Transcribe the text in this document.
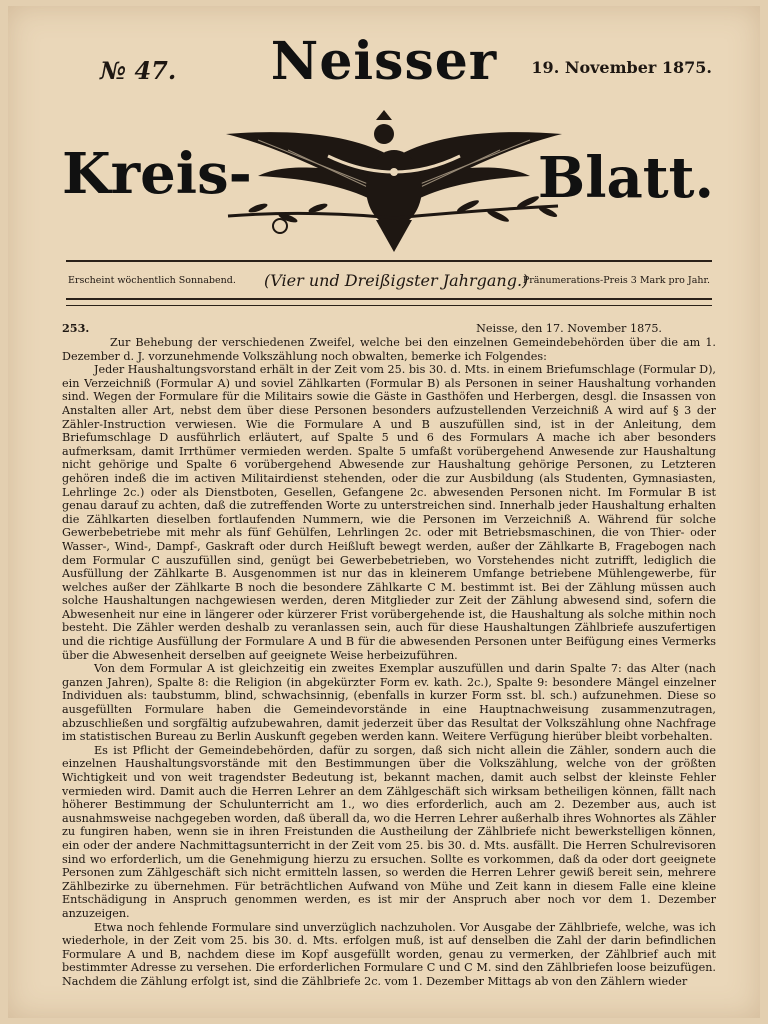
№ 47.	19. November 1875.
Neisser
Kreis-	Blatt.
Erscheint wöchentlich Sonnabend. (Vier und Dreißigster Jahrgang.)
Pränumerations-Preis 3 Mark pro Jahr.
253.	Neisse, den 17. November 1875.

Zur Behebung der verschiedenen Zweifel, welche bei den einzelnen Gemeindebehörden über die am 1. Dezember d. J. vorzunehmende Volkszählung noch obwalten, bemerke ich Folgendes:

Jeder Haushaltungsvorstand erhält in der Zeit vom 25. bis 30. d. Mts. in einem Briefumschlage (Formular D), ein Verzeichniß (Formular A) und soviel Zählkarten (Formular B) als Personen in seiner Haushaltung vorhanden sind. Wegen der Formulare für die Militairs sowie die Gäste in Gasthöfen und Herbergen, desgl. die Insassen von Anstalten aller Art, nebst dem über diese Personen besonders aufzustellenden Verzeichniß A wird auf § 3 der Zähler-Instruction verwiesen. Wie die Formulare A und B auszufüllen sind, ist in der Anleitung, dem Briefumschlage D ausführlich erläutert, auf Spalte 5 und 6 des Formulars A mache ich aber besonders aufmerksam, damit Irrthümer vermieden werden. Spalte 5 umfaßt vorübergehend Anwesende zur Haushaltung nicht gehörige und Spalte 6 vorübergehend Abwesende zur Haushaltung gehörige Personen, zu Letzteren gehören indeß die im activen Militairdienst stehenden, oder die zur Ausbildung (als Studenten, Gymnasiasten, Lehrlinge 2c.) oder als Dienstboten, Gesellen, Gefangene 2c. abwesenden Personen nicht. Im Formular B ist genau darauf zu achten, daß die zutreffenden Worte zu unterstreichen sind. Innerhalb jeder Haushaltung erhalten die Zählkarten dieselben fortlaufenden Nummern, wie die Personen im Verzeichniß A. Während für solche Gewerbebetriebe mit mehr als fünf Gehülfen, Lehrlingen 2c. oder mit Betriebsmaschinen, die von Thier- oder Wasser-, Wind-, Dampf-, Gaskraft oder durch Heißluft bewegt werden, außer der Zählkarte B, Fragebogen nach dem Formular C auszufüllen sind, genügt bei Gewerbebetrieben, wo Vorstehendes nicht zutrifft, lediglich die Ausfüllung der Zählkarte B. Ausgenommen ist nur das in kleinerem Umfange betriebene Mühlengewerbe, für welches außer der Zählkarte B noch die besondere Zählkarte C M. bestimmt ist. Bei der Zählung müssen auch solche Haushaltungen nachgewiesen werden, deren Mitglieder zur Zeit der Zählung abwesend sind, sofern die Abwesenheit nur eine in längerer oder kürzerer Frist vorübergehende ist, die Haushaltung als solche mithin noch besteht. Die Zähler werden deshalb zu veranlassen sein, auch für diese Haushaltungen Zählbriefe auszufertigen und die richtige Ausfüllung der Formulare A und B für die abwesenden Personen unter Beifügung eines Vermerks über die Abwesenheit derselben auf geeignete Weise herbeizuführen.

Von dem Formular A ist gleichzeitig ein zweites Exemplar auszufüllen und darin Spalte 7: das Alter (nach ganzen Jahren), Spalte 8: die Religion (in abgekürzter Form ev. kath. 2c.), Spalte 9: besondere Mängel einzelner Individuen als: taubstumm, blind, schwachsinnig, (ebenfalls in kurzer Form sst. bl. sch.) aufzunehmen. Diese so ausgefüllten Formulare haben die Gemeindevorstände in eine Hauptnachweisung zusammenzutragen, abzuschließen und sorgfältig aufzubewahren, damit jederzeit über das Resultat der Volkszählung ohne Nachfrage im statistischen Bureau zu Berlin Auskunft gegeben werden kann. Weitere Verfügung hierüber bleibt vorbehalten.

Es ist Pflicht der Gemeindebehörden, dafür zu sorgen, daß sich nicht allein die Zähler, sondern auch die einzelnen Haushaltungsvorstände mit den Bestimmungen über die Volkszählung, welche von der größten Wichtigkeit und von weit tragendster Bedeutung ist, bekannt machen, damit auch selbst der kleinste Fehler vermieden wird. Damit auch die Herren Lehrer an dem Zählgeschäft sich wirksam betheiligen können, fällt nach höherer Bestimmung der Schulunterricht am 1., wo dies erforderlich, auch am 2. Dezember aus, auch ist ausnahmsweise nachgegeben worden, daß überall da, wo die Herren Lehrer außerhalb ihres Wohnortes als Zähler zu fungiren haben, wenn sie in ihren Freistunden die Austheilung der Zählbriefe nicht bewerkstelligen können, ein oder der andere Nachmittagsunterricht in der Zeit vom 25. bis 30. d. Mts. ausfällt. Die Herren Schulrevisoren sind wo erforderlich, um die Genehmigung hierzu zu ersuchen. Sollte es vorkommen, daß da oder dort geeignete Personen zum Zählgeschäft sich nicht ermitteln lassen, so werden die Herren Lehrer gewiß bereit sein, mehrere Zählbezirke zu übernehmen. Für beträchtlichen Aufwand von Mühe und Zeit kann in diesem Falle eine kleine Entschädigung in Anspruch genommen werden, es ist mir der Anspruch aber noch vor dem 1. Dezember anzuzeigen.

Etwa noch fehlende Formulare sind unverzüglich nachzuholen. Vor Ausgabe der Zählbriefe, welche, was ich wiederhole, in der Zeit vom 25. bis 30. d. Mts. erfolgen muß, ist auf denselben die Zahl der darin befindlichen Formulare A und B, nachdem diese im Kopf ausgefüllt worden, genau zu vermerken, der Zählbrief auch mit bestimmter Adresse zu versehen. Die erforderlichen Formulare C und C M. sind den Zählbriefen loose beizufügen. Nachdem die Zählung erfolgt ist, sind die Zählbriefe 2c. vom 1. Dezember Mittags ab von den Zählern wieder
